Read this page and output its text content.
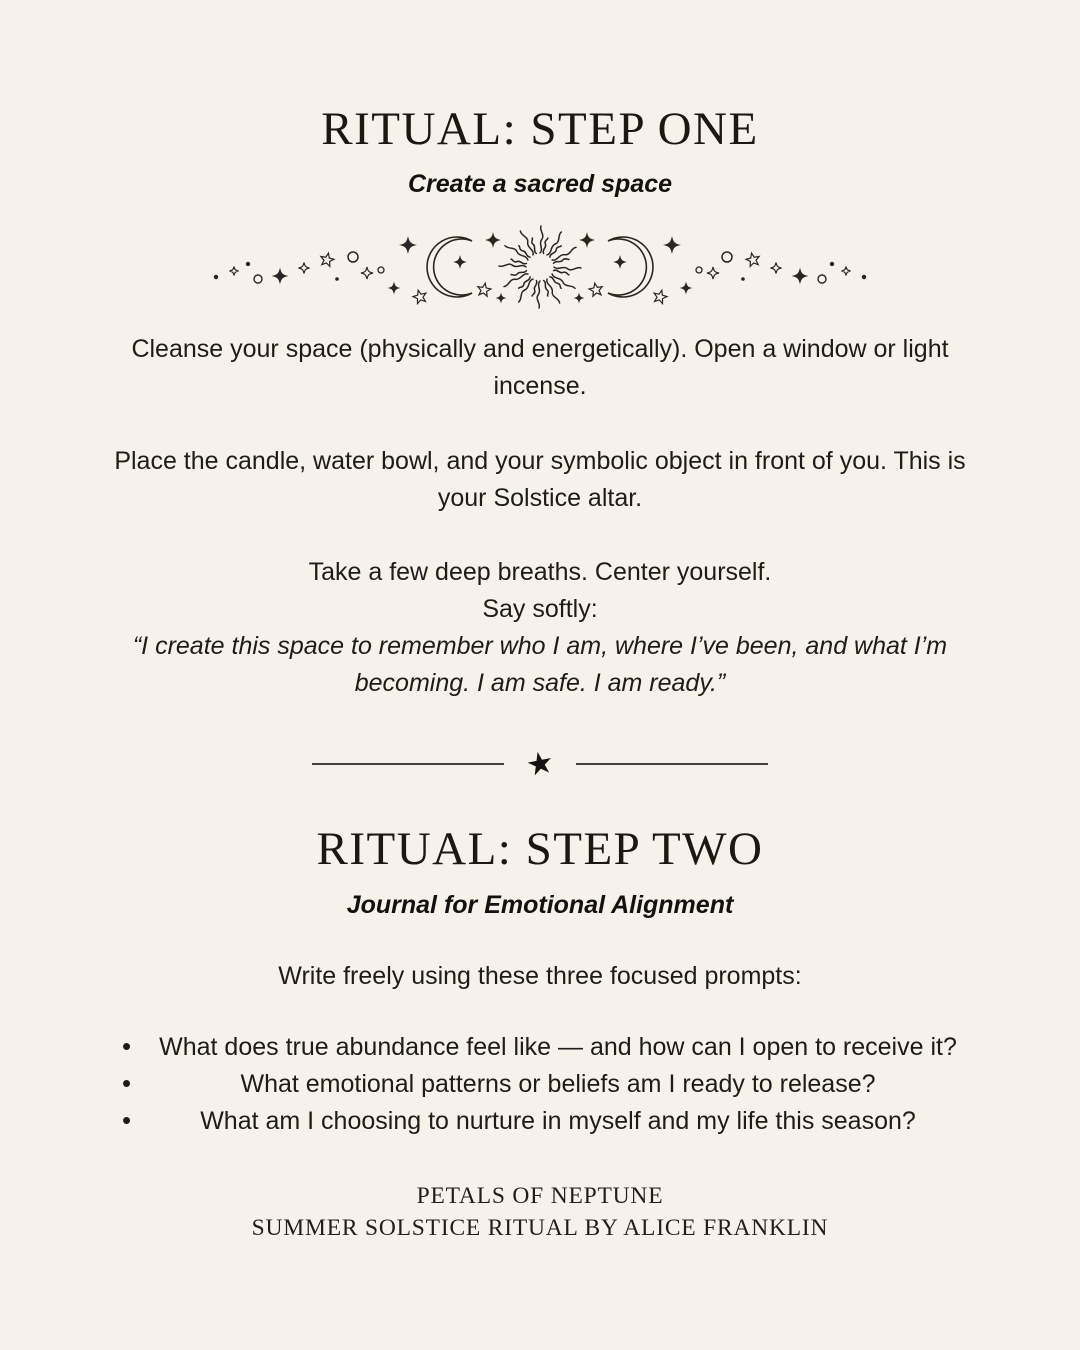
RITUAL: STEP ONE
Create a sacred space

Cleanse your space (physically and energetically). Open a window or light incense.

Place the candle, water bowl, and your symbolic object in front of you. This is your Solstice altar.

Take a few deep breaths. Center yourself.
Say softly:
“I create this space to remember who I am, where I’ve been, and what I’m becoming. I am safe. I am ready.”
★
RITUAL: STEP TWO
Journal for Emotional Alignment

Write freely using these three focused prompts:

• What does true abundance feel like — and how can I open to receive it?
•	What emotional patterns or beliefs am I ready to release?
•	What am I choosing to nurture in myself and my life this season?
PETALS OF NEPTUNE
SUMMER SOLSTICE RITUAL BY ALICE FRANKLIN
